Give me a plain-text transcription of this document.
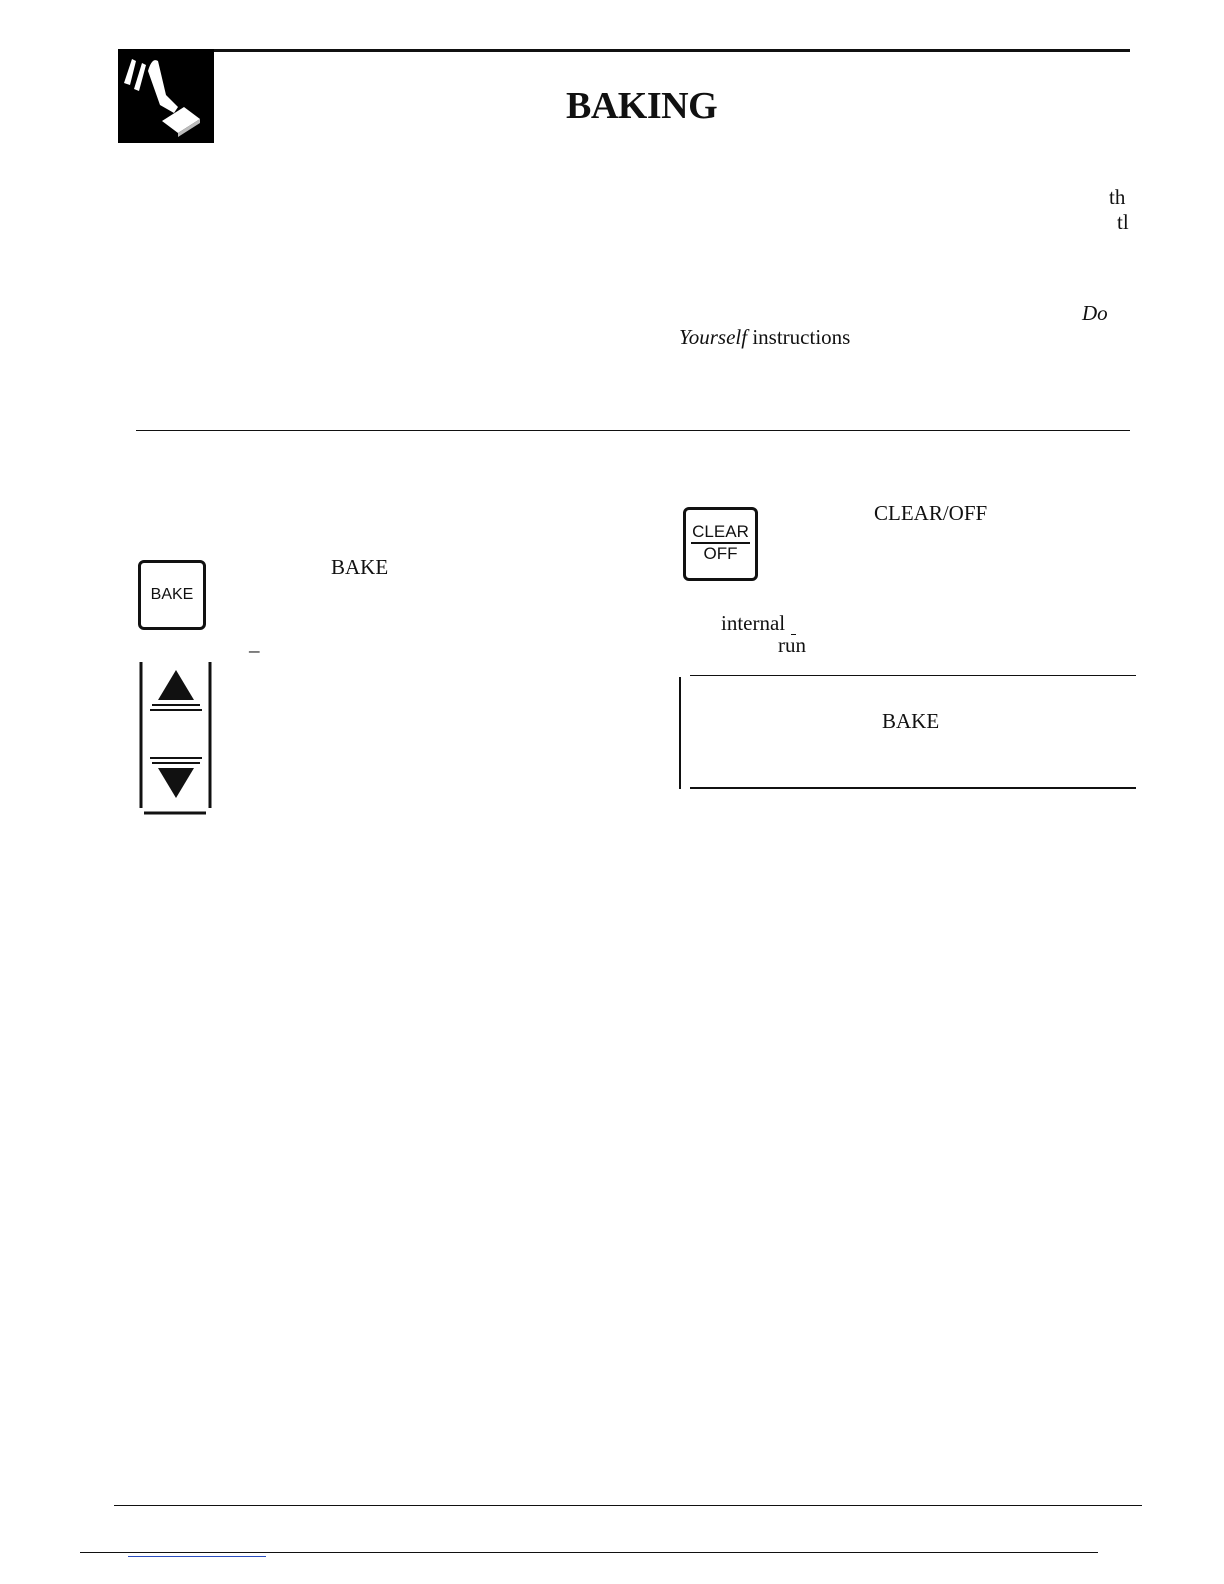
BAKING
th
tl
Do
Yourself instructions
BAKE
BAKE
–
CLEAR
OFF
CLEAR/OFF
internal
run
BAKE
